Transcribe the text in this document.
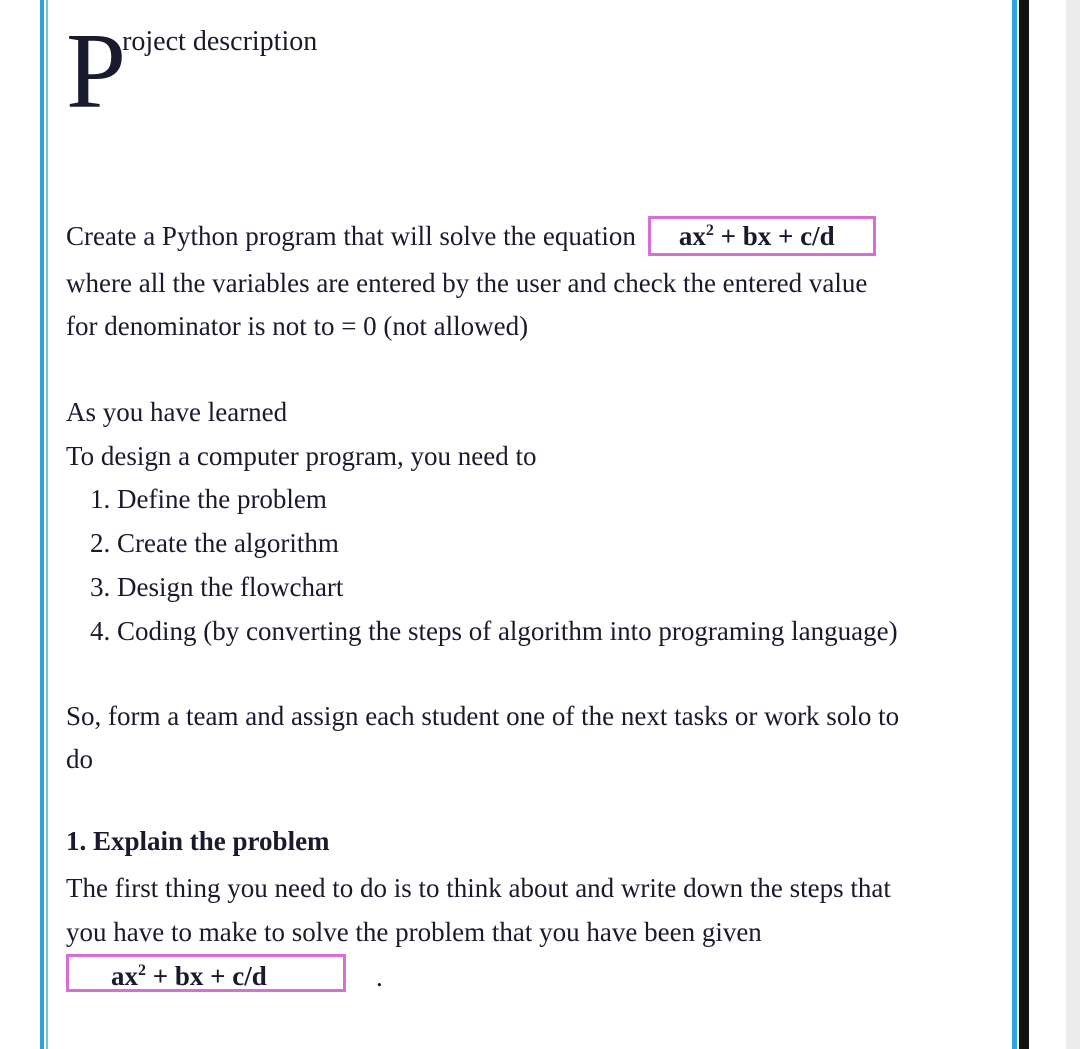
Project description
Create a Python program that will solve the equation $ax^2$ + bx + c/d
where all the variables are entered by the user and check the entered value
for denominator is not to = 0 (not allowed)
As you have learned
To design a computer program, you need to
1. Define the problem
2. Create the algorithm
3. Design the flowchart
4. Coding (by converting the steps of algorithm into programing language)
So, form a team and assign each student one of the next tasks or work solo to
do
1. Explain the problem
The first thing you need to do is to think about and write down the steps that
you have to make to solve the problem that you have been given
$ax^2$ + bx + c/d	.
